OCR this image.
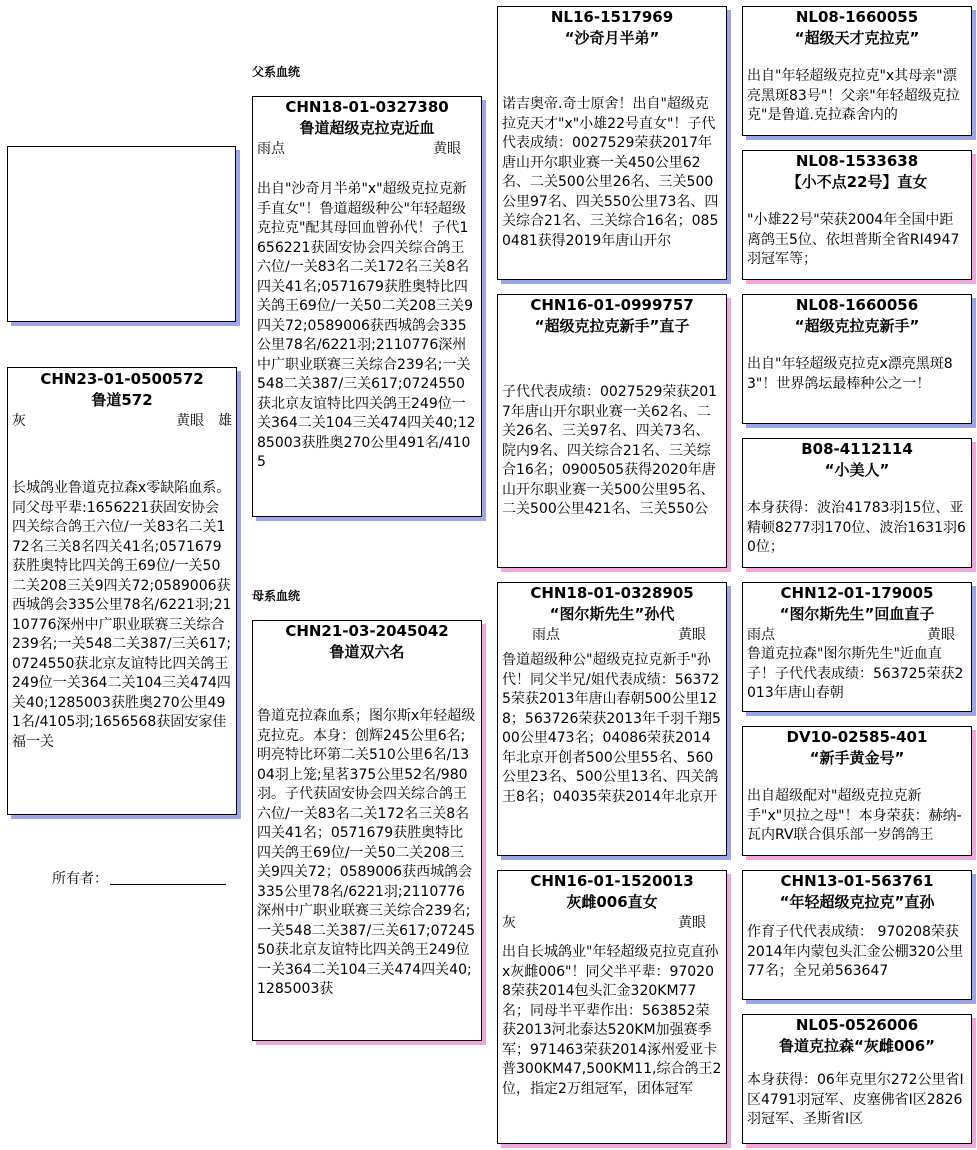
父系血统
母系血统
CHN23-01-0500572
鲁道572
灰	黄眼 雄
长城鸽业鲁道克拉森x零缺陷血系。同父母平辈:1656221获固安协会四关综合鸽王六位/一关83名二关172名三关8名四关41名;0571679获胜奥特比四关鸽王69位/一关50二关208三关9四关72;0589006获西城鸽会335公里78名/6221羽;2110776深州中广职业联赛三关综合239名;一关548二关387/三关617;0724550获北京友谊特比四关鸽王249位一关364二关104三关474四关40;1285003获胜奥270公里491名/4105羽;1656568获固安家佳福一关
所有者：
CHN18-01-0327380
鲁道超级克拉克近血
雨点	黄眼
出自"沙奇月半弟"x"超级克拉克新手直女"！鲁道超级种公"年轻超级克拉克"配其母回血曾孙代！子代1656221获固安协会四关综合鸽王六位/一关83名二关172名三关8名四关41名;0571679获胜奥特比四关鸽王69位/一关50二关208三关9四关72;0589006获西城鸽会335公里78名/6221羽;2110776深州中广职业联赛三关综合239名;一关548二关387/三关617;0724550获北京友谊特比四关鸽王249位一关364二关104三关474四关40;1285003获胜奥270公里491名/4105
CHN21-03-2045042
鲁道双六名
鲁道克拉森血系；图尔斯x年轻超级克拉克。本身：创辉245公里6名;明亮特比环第二关510公里6名/1304羽上笼;星茗375公里52名/980羽。子代获固安协会四关综合鸽王六位/一关83名二关172名三关8名四关41名；0571679获胜奥特比四关鸽王69位/一关50二关208三关9四关72；0589006获西城鸽会335公里78名/6221羽;2110776深州中广职业联赛三关综合239名;一关548二关387/三关617;0724550获北京友谊特比四关鸽王249位一关364二关104三关474四关40;1285003获
NL16-1517969
“沙奇月半弟”
诺吉奥帝.奇士原舍！出自"超级克拉克天才"x"小雄22号直女"！子代代表成绩：0027529荣获2017年唐山开尔职业赛一关450公里62名、二关500公里26名、三关500公里97名、四关550公里73名、四关综合21名、三关综合16名；0850481获得2019年唐山开尔
CHN16-01-0999757
“超级克拉克新手”直子
子代代表成绩：0027529荣获2017年唐山开尔职业赛一关62名、二关26名、三关97名、四关73名、院内9名、四关综合21名、三关综合16名；0900505获得2020年唐山开尔职业赛一关500公里95名、二关500公里421名、三关550公
CHN18-01-0328905
“图尔斯先生”孙代
雨点	黄眼
鲁道超级种公"超级克拉克新手"孙代！同父半兄/姐代表成绩：563725荣获2013年唐山春朝500公里128；563726荣获2013年千羽千翔500公里473名；04086荣获2014年北京开创者500公里55名、560公里23名、500公里13名、四关鸽王8名；04035荣获2014年北京开
CHN16-01-1520013
灰雌006直女
灰	黄眼
出自长城鸽业"年轻超级克拉克直孙x灰雌006"！同父半平辈：970208荣获2014包头汇金320KM77名；同母半平辈作出：563852荣获2013河北泰达520KM加强赛季军；971463荣获2014涿州爱亚卡普300KM47,500KM11,综合鸽王2位，指定2万组冠军，团体冠军
NL08-1660055
“超级天才克拉克”
出自"年轻超级克拉克"x其母亲"漂亮黑斑83号"！父亲"年轻超级克拉克"是鲁道.克拉森舍内的
NL08-1533638
【小不点22号】直女
"小雄22号"荣获2004年全国中距离鸽王5位、依坦普斯全省RI4947羽冠军等；
NL08-1660056
“超级克拉克新手”
出自"年轻超级克拉克x漂亮黑斑83"！世界鸽坛最棒种公之一！
B08-4112114
“小美人”
本身获得：波治41783羽15位、亚精顿8277羽170位、波治1631羽60位；
CHN12-01-179005
“图尔斯先生”回血直子
雨点	黄眼
鲁道克拉森"图尔斯先生"近血直子！子代代表成绩：563725荣获2013年唐山春朝
DV10-02585-401
“新手黄金号”
出自超级配对"超级克拉克新手"x"贝拉之母"！本身荣获：赫纳-瓦内RV联合俱乐部一岁鸽鸽王
CHN13-01-563761
“年轻超级克拉克”直孙
作育子代代表成绩： 970208荣获2014年内蒙包头汇金公棚320公里77名；全兄弟563647
NL05-0526006
鲁道克拉森“灰雌006”
本身获得：06年克里尔272公里省I区4791羽冠军、皮塞佛省I区2826羽冠军、圣斯省I区
